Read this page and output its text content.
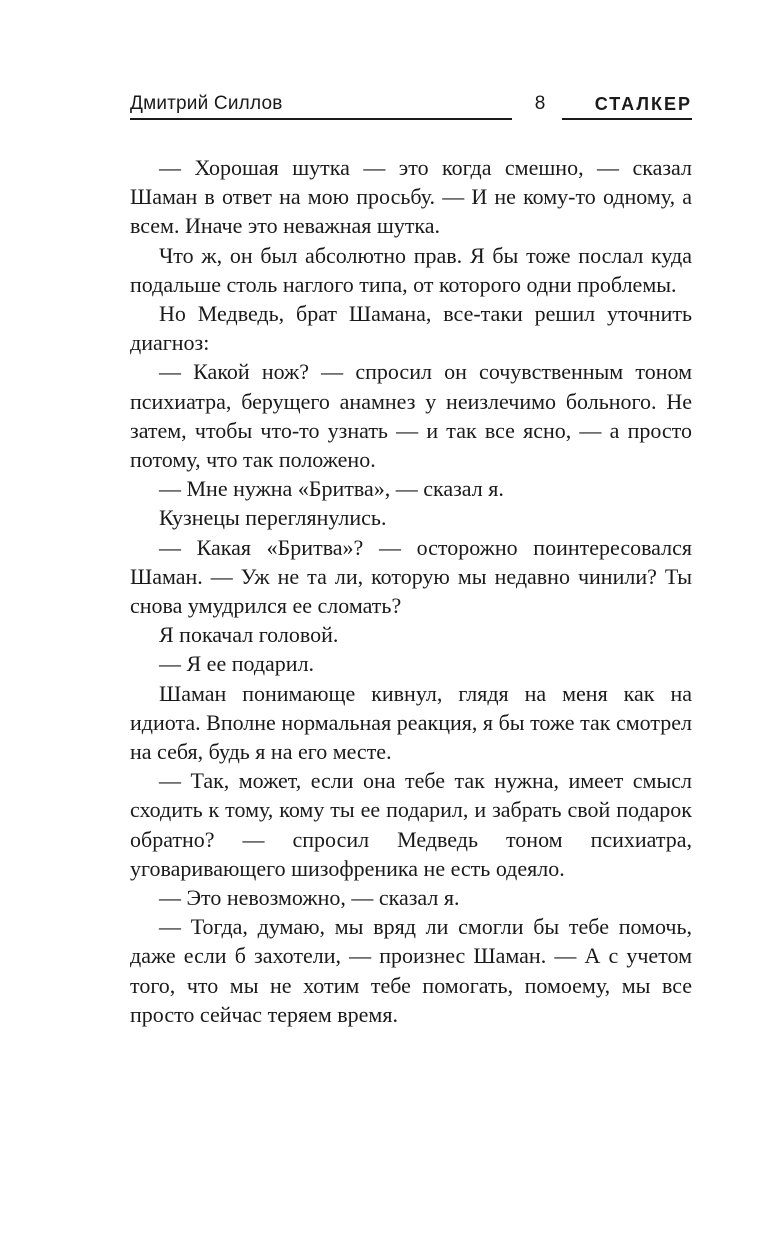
Дмитрий Силлов	8	СТАЛКЕР

— Хорошая шутка — это когда смешно, — сказал Шаман в ответ на мою просьбу. — И не кому-то одному, а всем. Иначе это неважная шутка.

Что ж, он был абсолютно прав. Я бы тоже послал куда подальше столь наглого типа, от которого одни проблемы.

Но Медведь, брат Шамана, все-таки решил уточнить диагноз:

— Какой нож? — спросил он сочувственным тоном психиатра, берущего анамнез у неизлечимо больного. Не затем, чтобы что-то узнать — и так все ясно, — а просто потому, что так положено.

— Мне нужна «Бритва», — сказал я.

Кузнецы переглянулись.

— Какая «Бритва»? — осторожно поинтересовался Шаман. — Уж не та ли, которую мы недавно чинили? Ты снова умудрился ее сломать?

Я покачал головой.

— Я ее подарил.

Шаман понимающе кивнул, глядя на меня как на идиота. Вполне нормальная реакция, я бы тоже так смотрел на себя, будь я на его месте.

— Так, может, если она тебе так нужна, имеет смысл сходить к тому, кому ты ее подарил, и забрать свой подарок обратно? — спросил Медведь тоном психиатра, уговаривающего шизофреника не есть одеяло.

— Это невозможно, — сказал я.

— Тогда, думаю, мы вряд ли смогли бы тебе помочь, даже если б захотели, — произнес Шаман. — А с учетом того, что мы не хотим тебе помогать, помоему, мы все просто сейчас теряем время.
